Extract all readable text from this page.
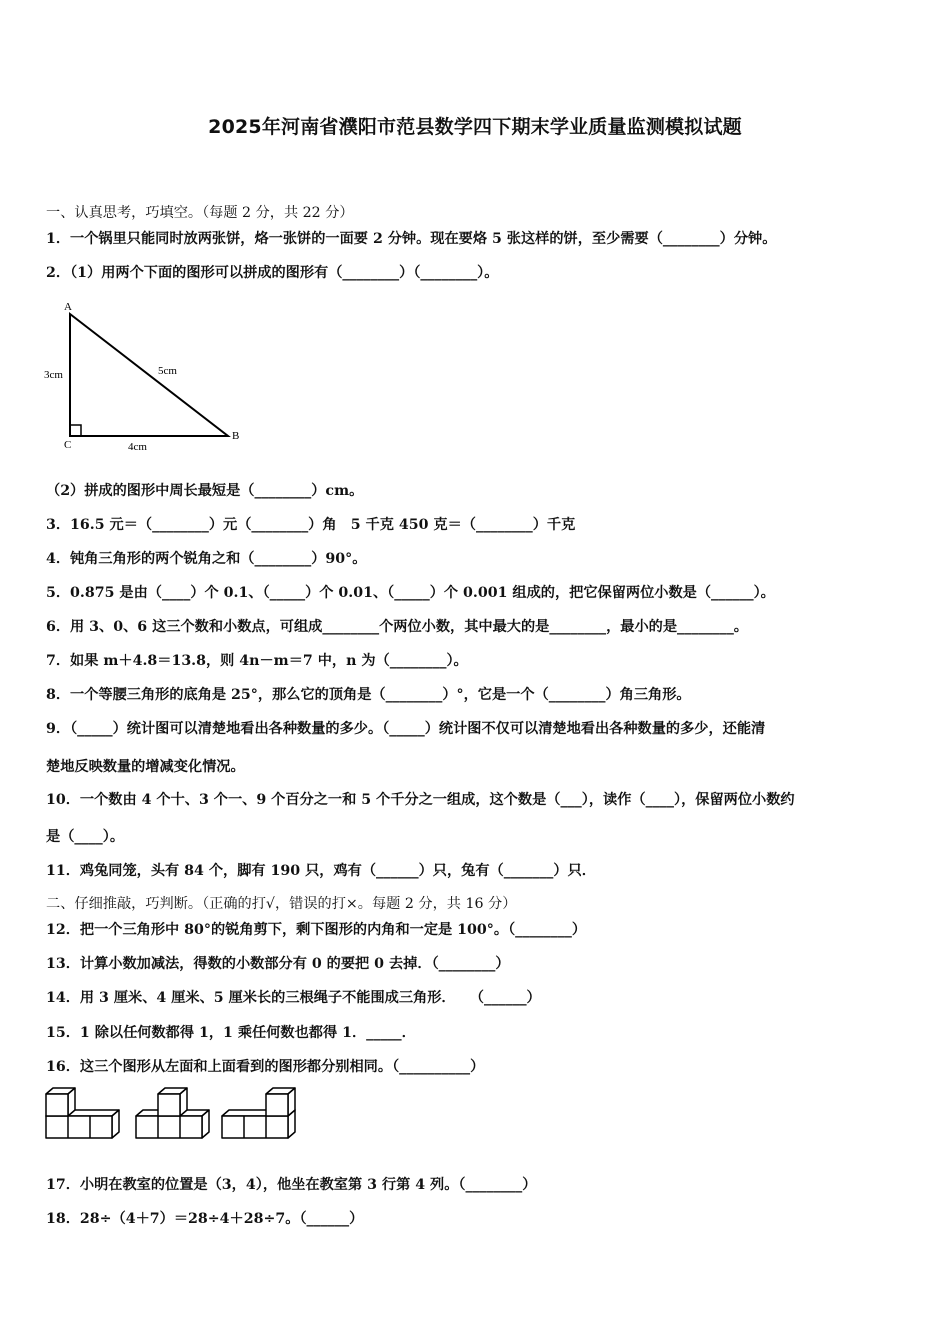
2025年河南省濮阳市范县数学四下期末学业质量监测模拟试题
一、认真思考，巧填空。（每题 2 分，共 22 分）
1．一个锅里只能同时放两张饼，烙一张饼的一面要 2 分钟。现在要烙 5 张这样的饼，至少需要（________）分钟。
2．（1）用两个下面的图形可以拼成的图形有（________）（________）。
A
B
C
3cm	5cm
4cm
（2）拼成的图形中周长最短是（________）cm。
3．16.5 元＝（________）元（________）角　5 千克 450 克＝（________）千克
4．钝角三角形的两个锐角之和（________）90°。
5．0.875 是由（____）个 0.1、（_____）个 0.01、（_____）个 0.001 组成的，把它保留两位小数是（______）。
6．用 3、0、6 这三个数和小数点，可组成________个两位小数，其中最大的是________，最小的是________。
7．如果 m＋4.8＝13.8，则 4n－m＝7 中，n 为（________）。
8．一个等腰三角形的底角是 25°，那么它的顶角是（________）°，它是一个（________）角三角形。
9．（_____）统计图可以清楚地看出各种数量的多少。（_____）统计图不仅可以清楚地看出各种数量的多少，还能清
楚地反映数量的增减变化情况。
10．一个数由 4 个十、3 个一、9 个百分之一和 5 个千分之一组成，这个数是（___），读作（____），保留两位小数约
是（____）。
11．鸡兔同笼，头有 84 个，脚有 190 只，鸡有（______）只，兔有（_______）只．
二、仔细推敲，巧判断。（正确的打√，错误的打×。每题 2 分，共 16 分）
12．把一个三角形中 80°的锐角剪下，剩下图形的内角和一定是 100°。（________）
13．计算小数加减法，得数的小数部分有 0 的要把 0 去掉．（________）
14．用 3 厘米、4 厘米、5 厘米长的三根绳子不能围成三角形．　　（______）
15．1 除以任何数都得 1，1 乘任何数也都得 1．_____．
16．这三个图形从左面和上面看到的图形都分别相同。（__________）
17．小明在教室的位置是（3，4），他坐在教室第 3 行第 4 列。（________）
18．28÷（4＋7）＝28÷4＋28÷7。（______）
